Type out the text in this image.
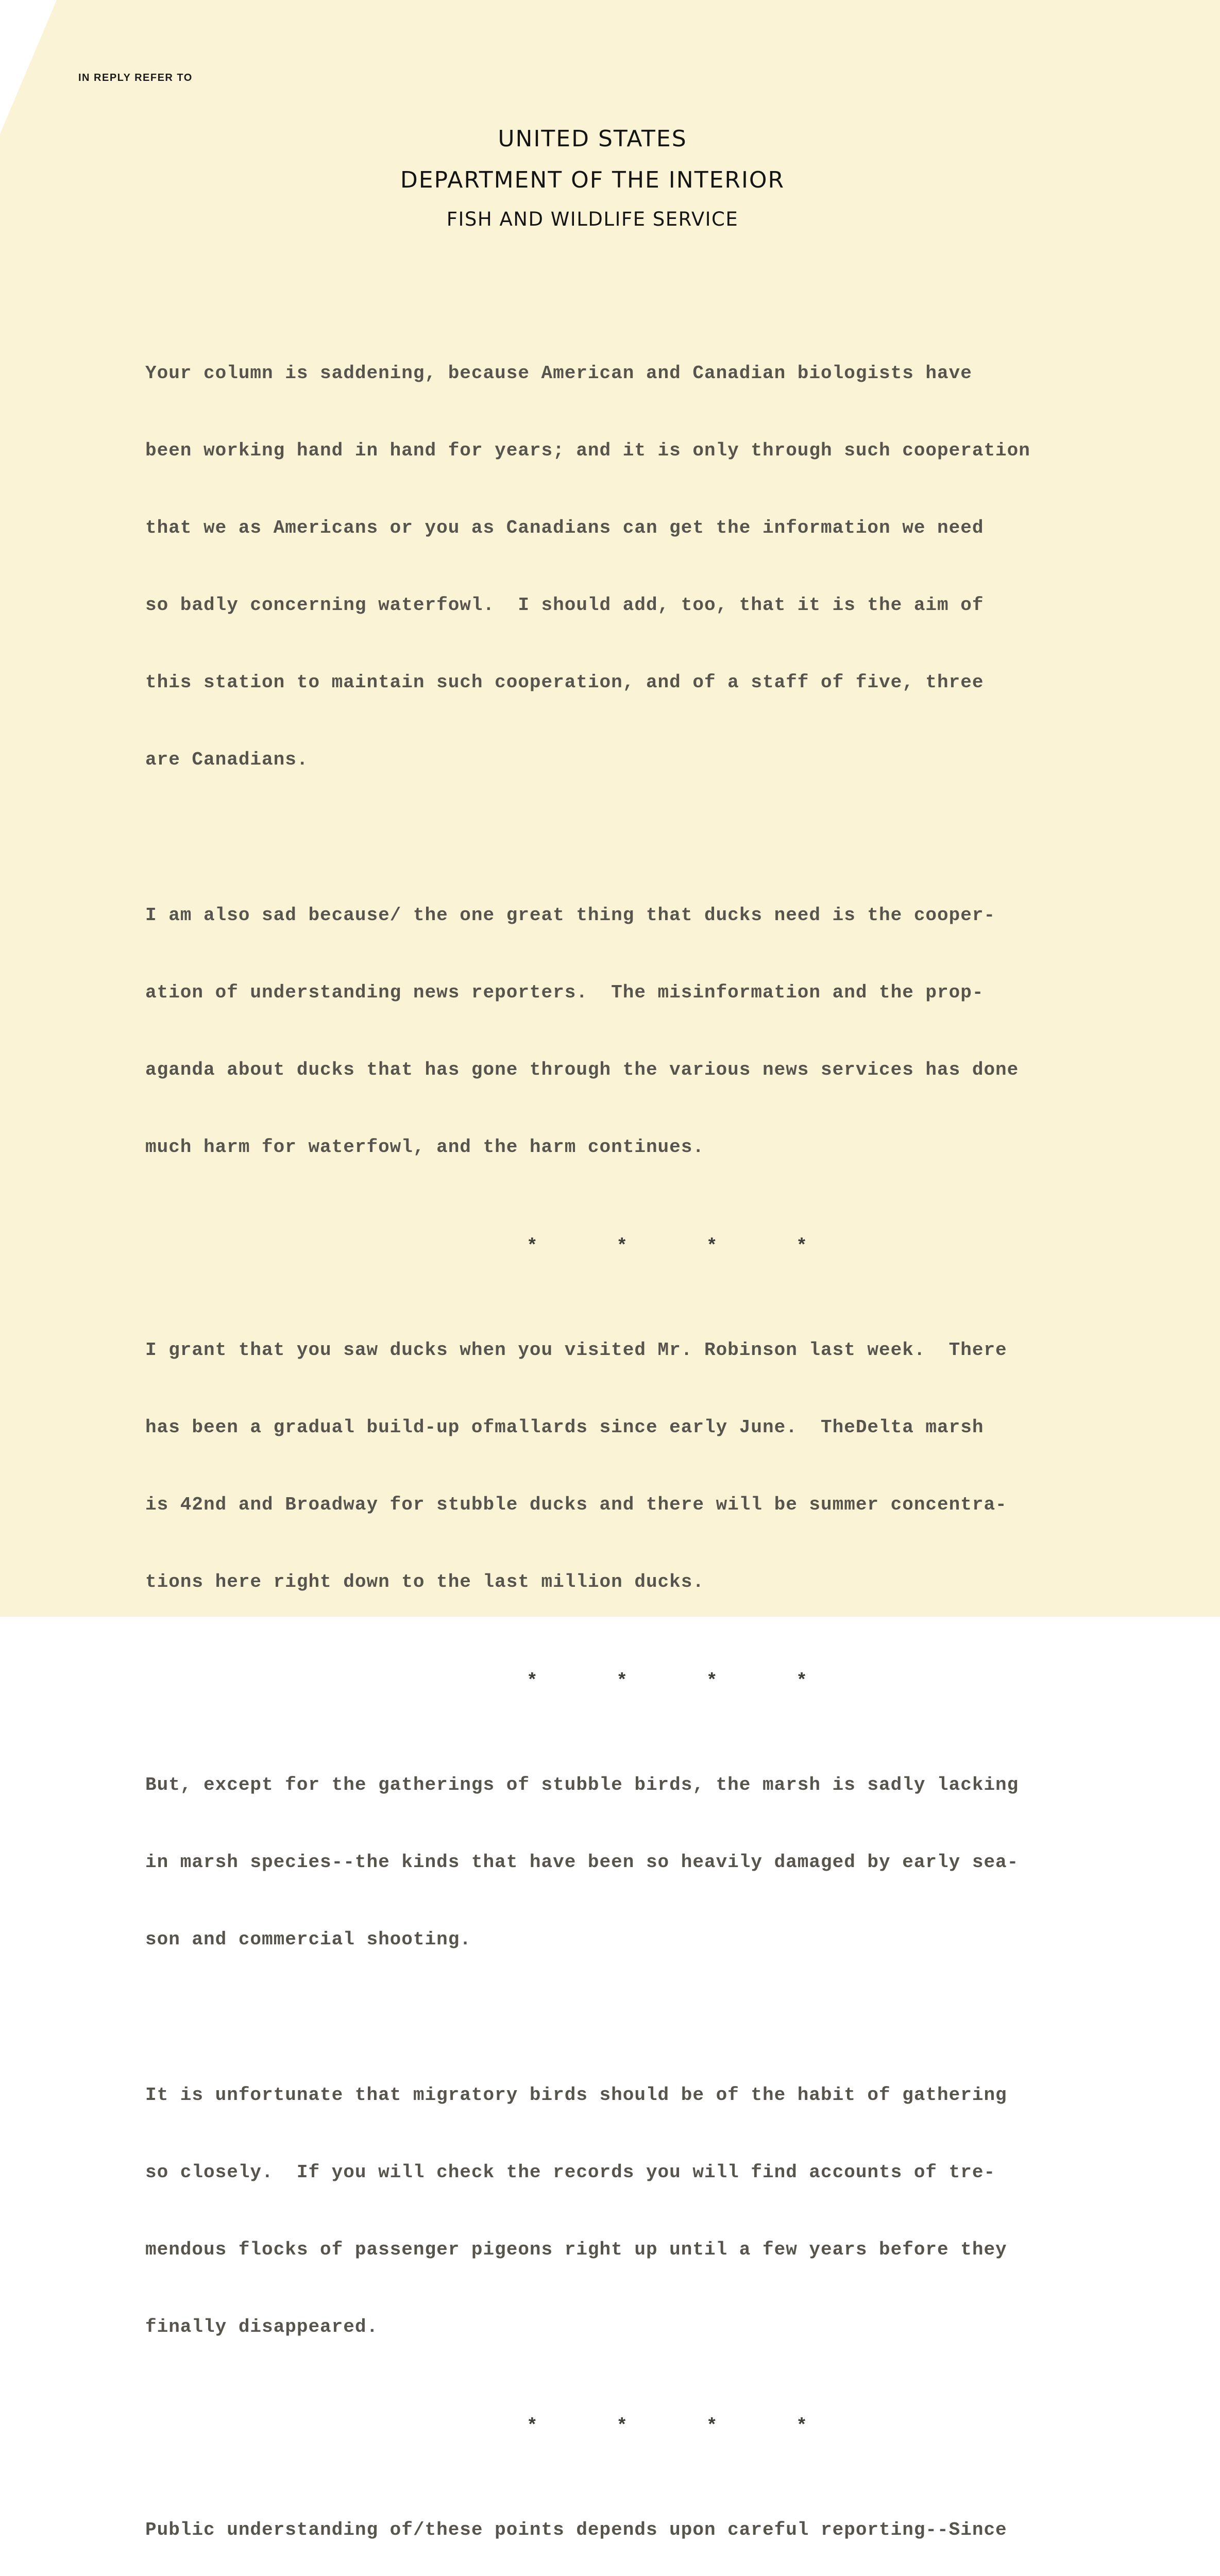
IN REPLY REFER TO
UNITED STATES
DEPARTMENT OF THE INTERIOR
FISH AND WILDLIFE SERVICE

Your column is saddening, because American and Canadian biologists have

been working hand in hand for years; and it is only through such cooperation

that we as Americans or you as Canadians can get the information we need

so badly concerning waterfowl.  I should add, too, that it is the aim of

this station to maintain such cooperation, and of a staff of five, three

are Canadians.

I am also sad because/ the one great thing that ducks need is the cooper-

ation of understanding news reporters.  The misinformation and the prop-

aganda about ducks that has gone through the various news services has done

much harm for waterfowl, and the harm continues.

*   *   *   *

I grant that you saw ducks when you visited Mr. Robinson last week.  There

has been a gradual build-up ofmallards since early June.  TheDelta marsh

is 42nd and Broadway for stubble ducks and there will be summer concentra-

tions here right down to the last million ducks.

*   *   *   *

But, except for the gatherings of stubble birds, the marsh is sadly lacking

in marsh species--the kinds that have been so heavily damaged by early sea-

son and commercial shooting.

It is unfortunate that migratory birds should be of the habit of gathering

so closely.  If you will check the records you will find accounts of tre-

mendous flocks of passenger pigeons right up until a few years before they

finally disappeared.

*   *   *   *

Public understanding of/these points depends upon careful reporting--Since
